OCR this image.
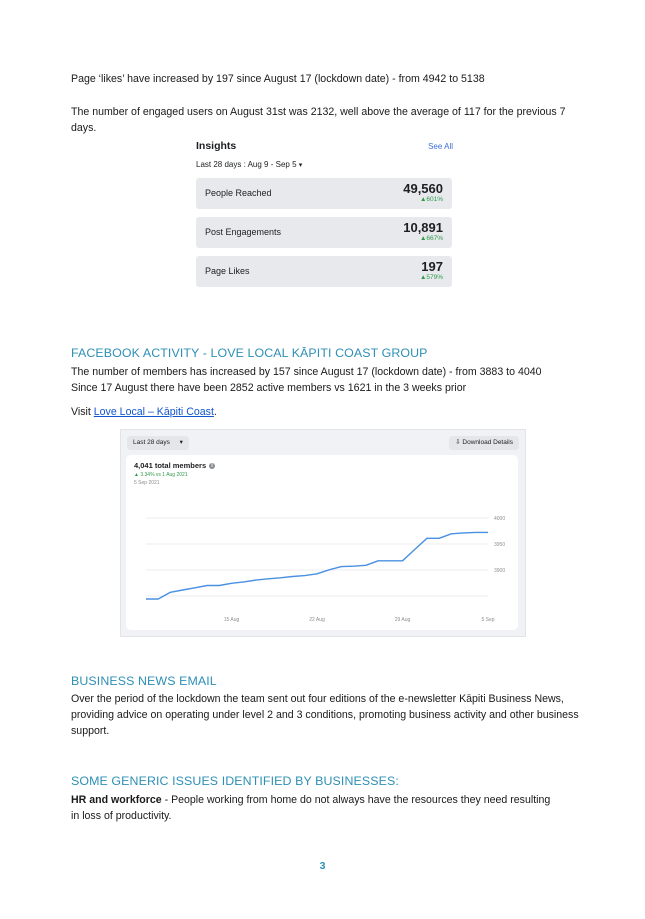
Page ‘likes’ have increased by 197 since August 17 (lockdown date) - from 4942 to 5138

The number of engaged users on August 31st was 2132, well above the average of 117 for the previous 7 days.

Insights	See All
Last 28 days : Aug 9 - Sep 5 ▾
People Reached	49,560
▲601%
Post Engagements	10,891
▲667%
Page Likes	197
▲579%
FACEBOOK ACTIVITY - LOVE LOCAL KĀPITI COAST GROUP

The number of members has increased by 157 since August 17 (lockdown date) - from 3883 to 4040

Since 17 August there have been 2852 active members vs 1621 in the 3 weeks prior

Visit Love Local – Kāpiti Coast.

Last 28 days ▾	⇩ Download Details
4,041 total members i
▲ 3.34% vs 1 Aug 2021
5 Sep 2021
4000
3950
3900
15 Aug	22 Aug	29 Aug	5 Sep
BUSINESS NEWS EMAIL

Over the period of the lockdown the team sent out four editions of the e-newsletter Kāpiti Business News, providing advice on operating under level 2 and 3 conditions, promoting business activity and other business support.

SOME GENERIC ISSUES IDENTIFIED BY BUSINESSES:

HR and workforce - People working from home do not always have the resources they need resulting in loss of productivity.

3
